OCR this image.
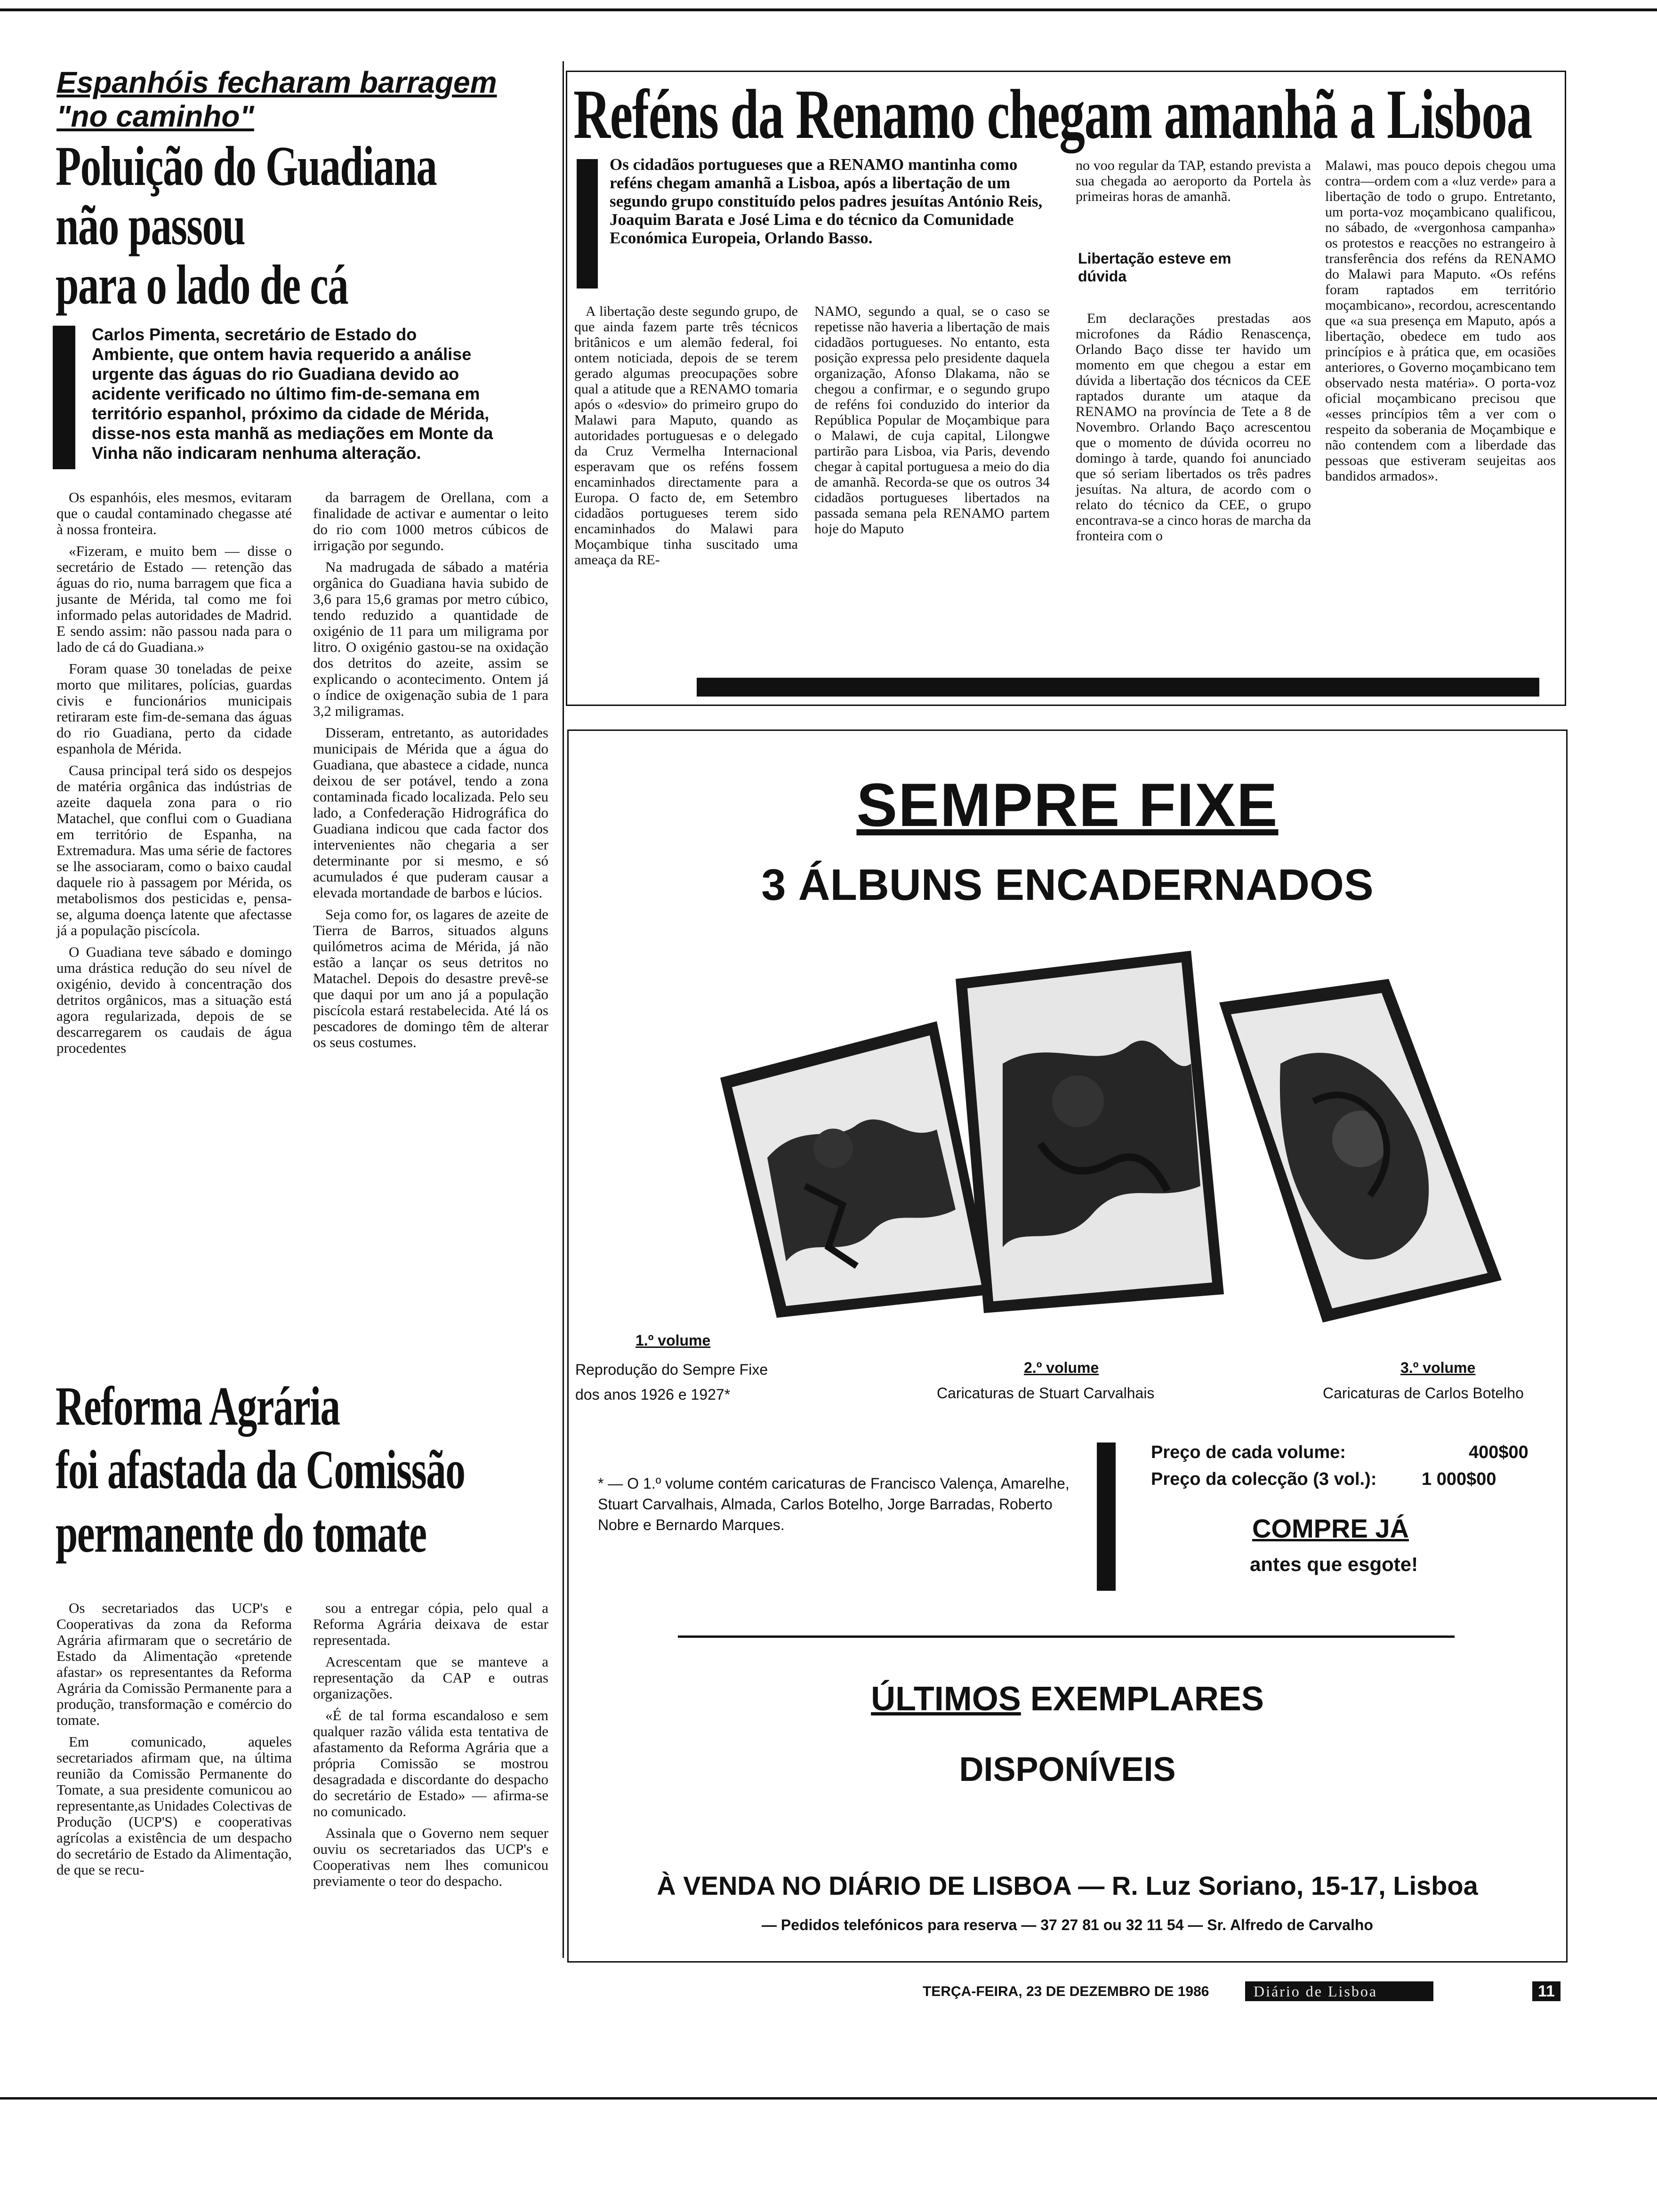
Espanhóis fecharam barragem
"no caminho"
Poluição do Guadiana
não passou
para o lado de cá
Carlos Pimenta, secretário de Estado do Ambiente, que ontem havia requerido a análise urgente das águas do rio Guadiana devido ao acidente verificado no último fim-de-semana em território espanhol, próximo da cidade de Mérida, disse-nos esta manhã as mediações em Monte da Vinha não indicaram nenhuma alteração.

Os espanhóis, eles mesmos, evitaram que o caudal contaminado chegasse até à nossa fronteira.

«Fizeram, e muito bem — disse o secretário de Estado — retenção das águas do rio, numa barragem que fica a jusante de Mérida, tal como me foi informado pelas autoridades de Madrid. E sendo assim: não passou nada para o lado de cá do Guadiana.»

Foram quase 30 toneladas de peixe morto que militares, polícias, guardas civis e funcionários municipais retiraram este fim-de-semana das águas do rio Guadiana, perto da cidade espanhola de Mérida.

Causa principal terá sido os despejos de matéria orgânica das indústrias de azeite daquela zona para o rio Matachel, que conflui com o Guadiana em território de Espanha, na Extremadura. Mas uma série de factores se lhe associaram, como o baixo caudal daquele rio à passagem por Mérida, os metabolismos dos pesticidas e, pensa-se, alguma doença latente que afectasse já a população piscícola.

O Guadiana teve sábado e domingo uma drástica redução do seu nível de oxigénio, devido à concentração dos detritos orgânicos, mas a situação está agora regularizada, depois de se descarregarem os caudais de água procedentes

da barragem de Orellana, com a finalidade de activar e aumentar o leito do rio com 1000 metros cúbicos de irrigação por segundo.

Na madrugada de sábado a matéria orgânica do Guadiana havia subido de 3,6 para 15,6 gramas por metro cúbico, tendo reduzido a quantidade de oxigénio de 11 para um miligrama por litro. O oxigénio gastou-se na oxidação dos detritos do azeite, assim se explicando o acontecimento. Ontem já o índice de oxigenação subia de 1 para 3,2 miligramas.

Disseram, entretanto, as autoridades municipais de Mérida que a água do Guadiana, que abastece a cidade, nunca deixou de ser potável, tendo a zona contaminada ficado localizada. Pelo seu lado, a Confederação Hidrográfica do Guadiana indicou que cada factor dos intervenientes não chegaria a ser determinante por si mesmo, e só acumulados é que puderam causar a elevada mortandade de barbos e lúcios.

Seja como for, os lagares de azeite de Tierra de Barros, situados alguns quilómetros acima de Mérida, já não estão a lançar os seus detritos no Matachel. Depois do desastre prevê-se que daqui por um ano já a população piscícola estará restabelecida. Até lá os pescadores de domingo têm de alterar os seus costumes.

Reforma Agrária
foi afastada da Comissão
permanente do tomate

Os secretariados das UCP's e Cooperativas da zona da Reforma Agrária afirmaram que o secretário de Estado da Alimentação «pretende afastar» os representantes da Reforma Agrária da Comissão Permanente para a produção, transformação e comércio do tomate.

Em comunicado, aqueles secretariados afirmam que, na última reunião da Comissão Permanente do Tomate, a sua presidente comunicou ao representante,as Unidades Colectivas de Produção (UCP'S) e cooperativas agrícolas a existência de um despacho do secretário de Estado da Alimentação, de que se recu-

sou a entregar cópia, pelo qual a Reforma Agrária deixava de estar representada.

Acrescentam que se manteve a representação da CAP e outras organizações.

«É de tal forma escandaloso e sem qualquer razão válida esta tentativa de afastamento da Reforma Agrária que a própria Comissão se mostrou desagradada e discordante do despacho do secretário de Estado» — afirma-se no comunicado.

Assinala que o Governo nem sequer ouviu os secretariados das UCP's e Cooperativas nem lhes comunicou previamente o teor do despacho.

Reféns da Renamo chegam amanhã a Lisboa
Os cidadãos portugueses que a RENAMO mantinha como reféns chegam amanhã a Lisboa, após a libertação de um segundo grupo constituído pelos padres jesuítas António Reis, Joaquim Barata e José Lima e do técnico da Comunidade Económica Europeia, Orlando Basso.
A libertação deste segundo grupo, de que ainda fazem parte três técnicos britânicos e um alemão federal, foi ontem noticiada, depois de se terem gerado algumas preocupações sobre qual a atitude que a RENAMO tomaria após o «desvio» do primeiro grupo do Malawi para Maputo, quando as autoridades portuguesas e o delegado da Cruz Vermelha Internacional esperavam que os reféns fossem encaminhados directamente para a Europa. O facto de, em Setembro cidadãos portugueses terem sido encaminhados do Malawi para Moçambique tinha suscitado uma ameaça da RE-
NAMO, segundo a qual, se o caso se repetisse não haveria a libertação de mais cidadãos portugueses. No entanto, esta posição expressa pelo presidente daquela organização, Afonso Dlakama, não se chegou a confirmar, e o segundo grupo de reféns foi conduzido do interior da República Popular de Moçambique para o Malawi, de cuja capital, Lilongwe partirão para Lisboa, via Paris, devendo chegar à capital portuguesa a meio do dia de amanhã. Recorda-se que os outros 34 cidadãos portugueses libertados na passada semana pela RENAMO partem hoje do Maputo
no voo regular da TAP, estando prevista a sua chegada ao aeroporto da Portela às primeiras horas de amanhã.
Libertação esteve em dúvida
Em declarações prestadas aos microfones da Rádio Renascença, Orlando Baço disse ter havido um momento em que chegou a estar em dúvida a libertação dos técnicos da CEE raptados durante um ataque da RENAMO na província de Tete a 8 de Novembro. Orlando Baço acrescentou que o momento de dúvida ocorreu no domingo à tarde, quando foi anunciado que só seriam libertados os três padres jesuítas. Na altura, de acordo com o relato do técnico da CEE, o grupo encontrava-se a cinco horas de marcha da fronteira com o
Malawi, mas pouco depois chegou uma contra—ordem com a «luz verde» para a libertação de todo o grupo. Entretanto, um porta-voz moçambicano qualificou, no sábado, de «vergonhosa campanha» os protestos e reacções no estrangeiro à transferência dos reféns da RENAMO do Malawi para Maputo. «Os reféns foram raptados em território moçambicano», recordou, acrescentando que «a sua presença em Maputo, após a libertação, obedece em tudo aos princípios e à prática que, em ocasiões anteriores, o Governo moçambicano tem observado nesta matéria». O porta-voz oficial moçambicano precisou que «esses princípios têm a ver com o respeito da soberania de Moçambique e não contendem com a liberdade das pessoas que estiveram seujeitas aos bandidos armados».
SEMPRE FIXE
3 ÁLBUNS ENCADERNADOS
1.º volume
Reprodução do Sempre Fixe
dos anos 1926 e 1927*
2.º volume
Caricaturas de Stuart Carvalhais
3.º volume
Caricaturas de Carlos Botelho
* — O 1.º volume contém caricaturas de Francisco Valença, Amarelhe, Stuart Carvalhais, Almada, Carlos Botelho, Jorge Barradas, Roberto Nobre e Bernardo Marques.
Preço de cada volume:	400$00
Preço da colecção (3 vol.):	1 000$00
COMPRE JÁ
antes que esgote!
ÚLTIMOS EXEMPLARES
DISPONÍVEIS
À VENDA NO DIÁRIO DE LISBOA — R. Luz Soriano, 15-17, Lisboa
— Pedidos telefónicos para reserva — 37 27 81 ou 32 11 54 — Sr. Alfredo de Carvalho
TERÇA-FEIRA, 23 DE DEZEMBRO DE 1986	Diário de Lisboa	11
